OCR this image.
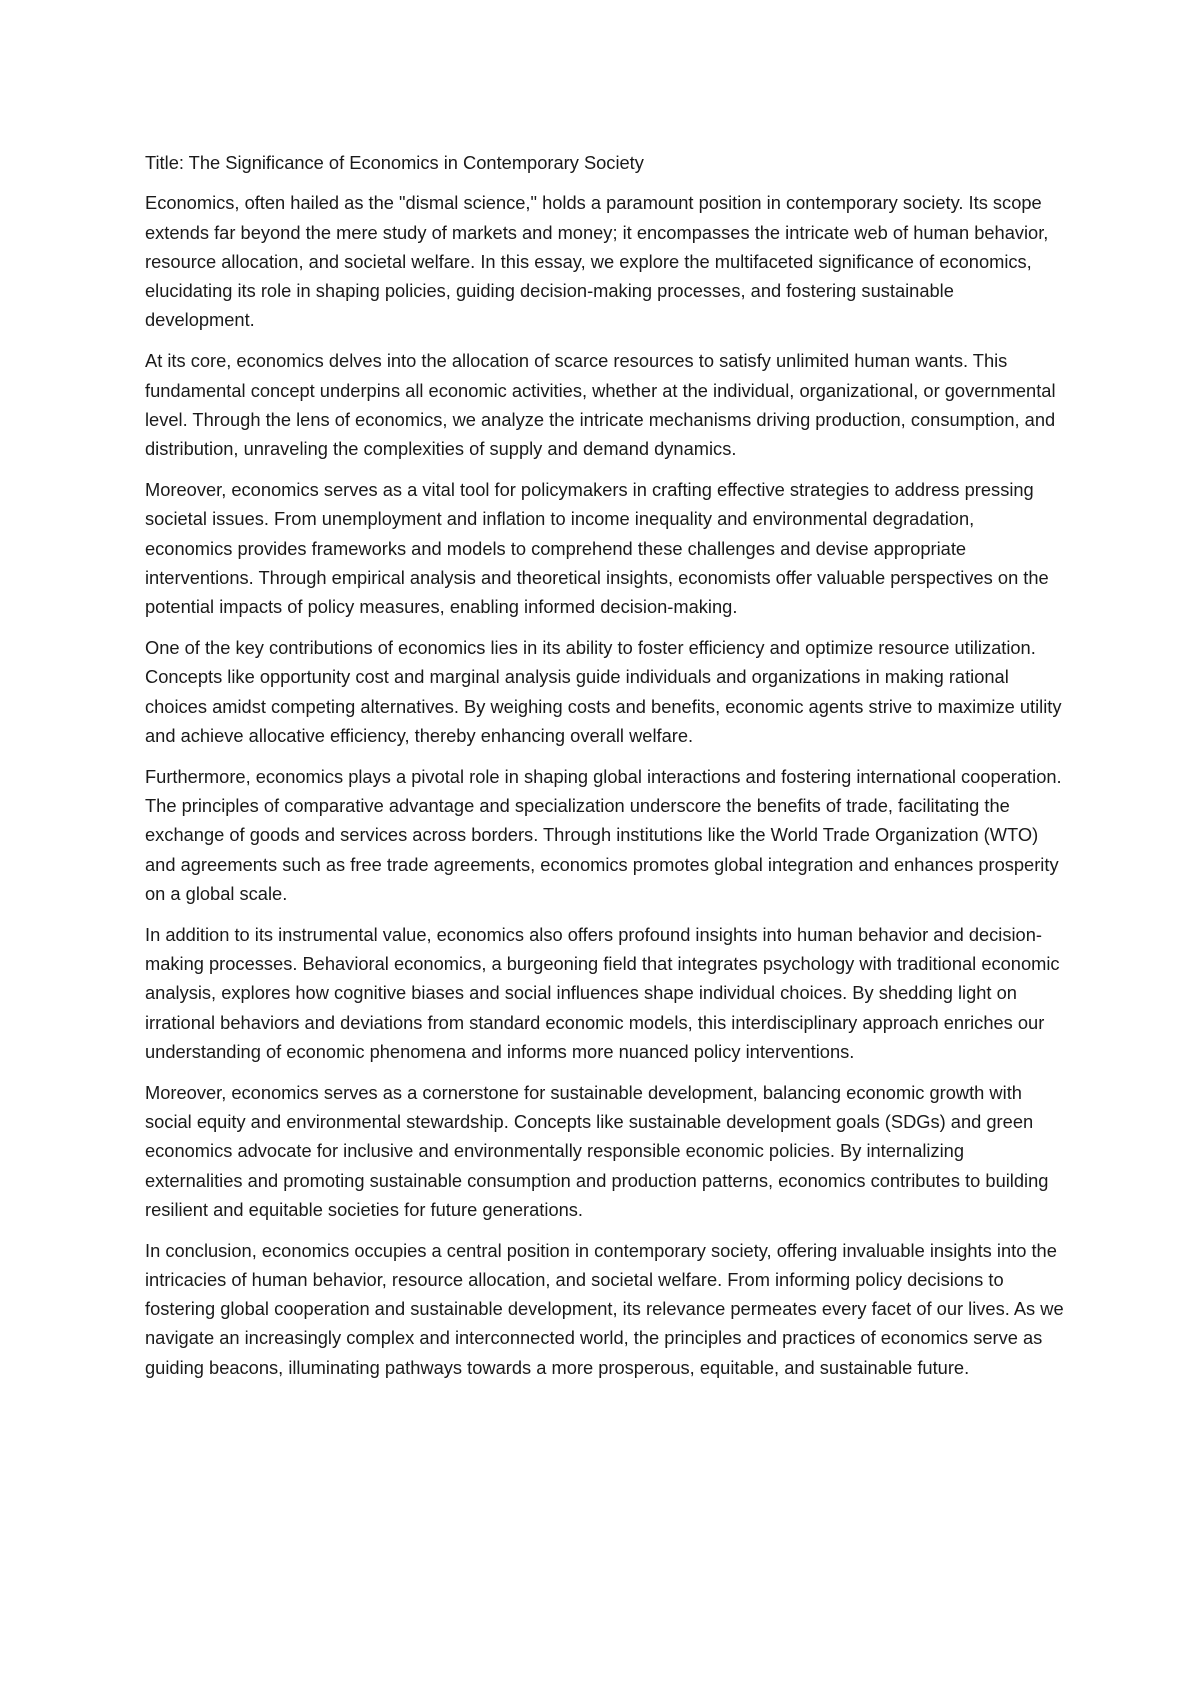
Title: The Significance of Economics in Contemporary Society

Economics, often hailed as the "dismal science," holds a paramount position in contemporary society. Its scope extends far beyond the mere study of markets and money; it encompasses the intricate web of human behavior, resource allocation, and societal welfare. In this essay, we explore the multifaceted significance of economics, elucidating its role in shaping policies, guiding decision-making processes, and fostering sustainable development.

At its core, economics delves into the allocation of scarce resources to satisfy unlimited human wants. This fundamental concept underpins all economic activities, whether at the individual, organizational, or governmental level. Through the lens of economics, we analyze the intricate mechanisms driving production, consumption, and distribution, unraveling the complexities of supply and demand dynamics.

Moreover, economics serves as a vital tool for policymakers in crafting effective strategies to address pressing societal issues. From unemployment and inflation to income inequality and environmental degradation, economics provides frameworks and models to comprehend these challenges and devise appropriate interventions. Through empirical analysis and theoretical insights, economists offer valuable perspectives on the potential impacts of policy measures, enabling informed decision-making.

One of the key contributions of economics lies in its ability to foster efficiency and optimize resource utilization. Concepts like opportunity cost and marginal analysis guide individuals and organizations in making rational choices amidst competing alternatives. By weighing costs and benefits, economic agents strive to maximize utility and achieve allocative efficiency, thereby enhancing overall welfare.

Furthermore, economics plays a pivotal role in shaping global interactions and fostering international cooperation. The principles of comparative advantage and specialization underscore the benefits of trade, facilitating the exchange of goods and services across borders. Through institutions like the World Trade Organization (WTO) and agreements such as free trade agreements, economics promotes global integration and enhances prosperity on a global scale.

In addition to its instrumental value, economics also offers profound insights into human behavior and decision-making processes. Behavioral economics, a burgeoning field that integrates psychology with traditional economic analysis, explores how cognitive biases and social influences shape individual choices. By shedding light on irrational behaviors and deviations from standard economic models, this interdisciplinary approach enriches our understanding of economic phenomena and informs more nuanced policy interventions.

Moreover, economics serves as a cornerstone for sustainable development, balancing economic growth with social equity and environmental stewardship. Concepts like sustainable development goals (SDGs) and green economics advocate for inclusive and environmentally responsible economic policies. By internalizing externalities and promoting sustainable consumption and production patterns, economics contributes to building resilient and equitable societies for future generations.

In conclusion, economics occupies a central position in contemporary society, offering invaluable insights into the intricacies of human behavior, resource allocation, and societal welfare. From informing policy decisions to fostering global cooperation and sustainable development, its relevance permeates every facet of our lives. As we navigate an increasingly complex and interconnected world, the principles and practices of economics serve as guiding beacons, illuminating pathways towards a more prosperous, equitable, and sustainable future.
